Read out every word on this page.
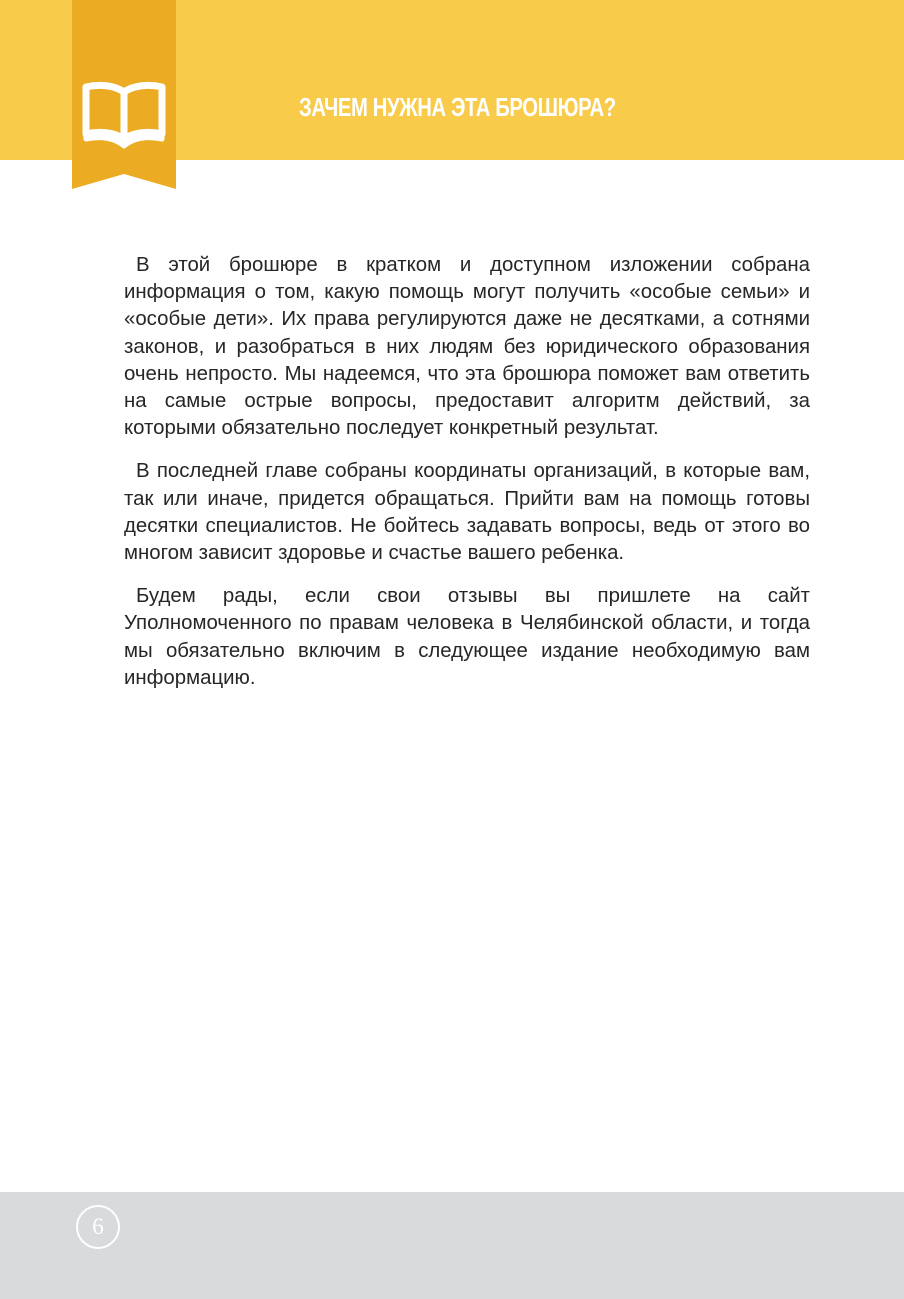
ЗАЧЕМ НУЖНА ЭТА БРОШЮРА?

В этой брошюре в кратком и доступном изложении собрана информация о том, какую помощь могут получить «особые семьи» и «особые дети». Их права регулируются даже не десятками, а сотнями законов, и разобраться в них людям без юридического образования очень непросто. Мы надеемся, что эта брошюра поможет вам ответить на самые острые вопросы, предоставит алгоритм действий, за которыми обязательно последует конкретный результат.

В последней главе собраны координаты организаций, в которые вам, так или иначе, придется обращаться. Прийти вам на помощь готовы десятки специалистов. Не бойтесь задавать вопросы, ведь от этого во многом зависит здоровье и счастье вашего ребенка.

Будем рады, если свои отзывы вы пришлете на сайт Уполномоченного по правам человека в Челябинской области, и тогда мы обязательно включим в следующее издание необходимую вам информацию.

6
